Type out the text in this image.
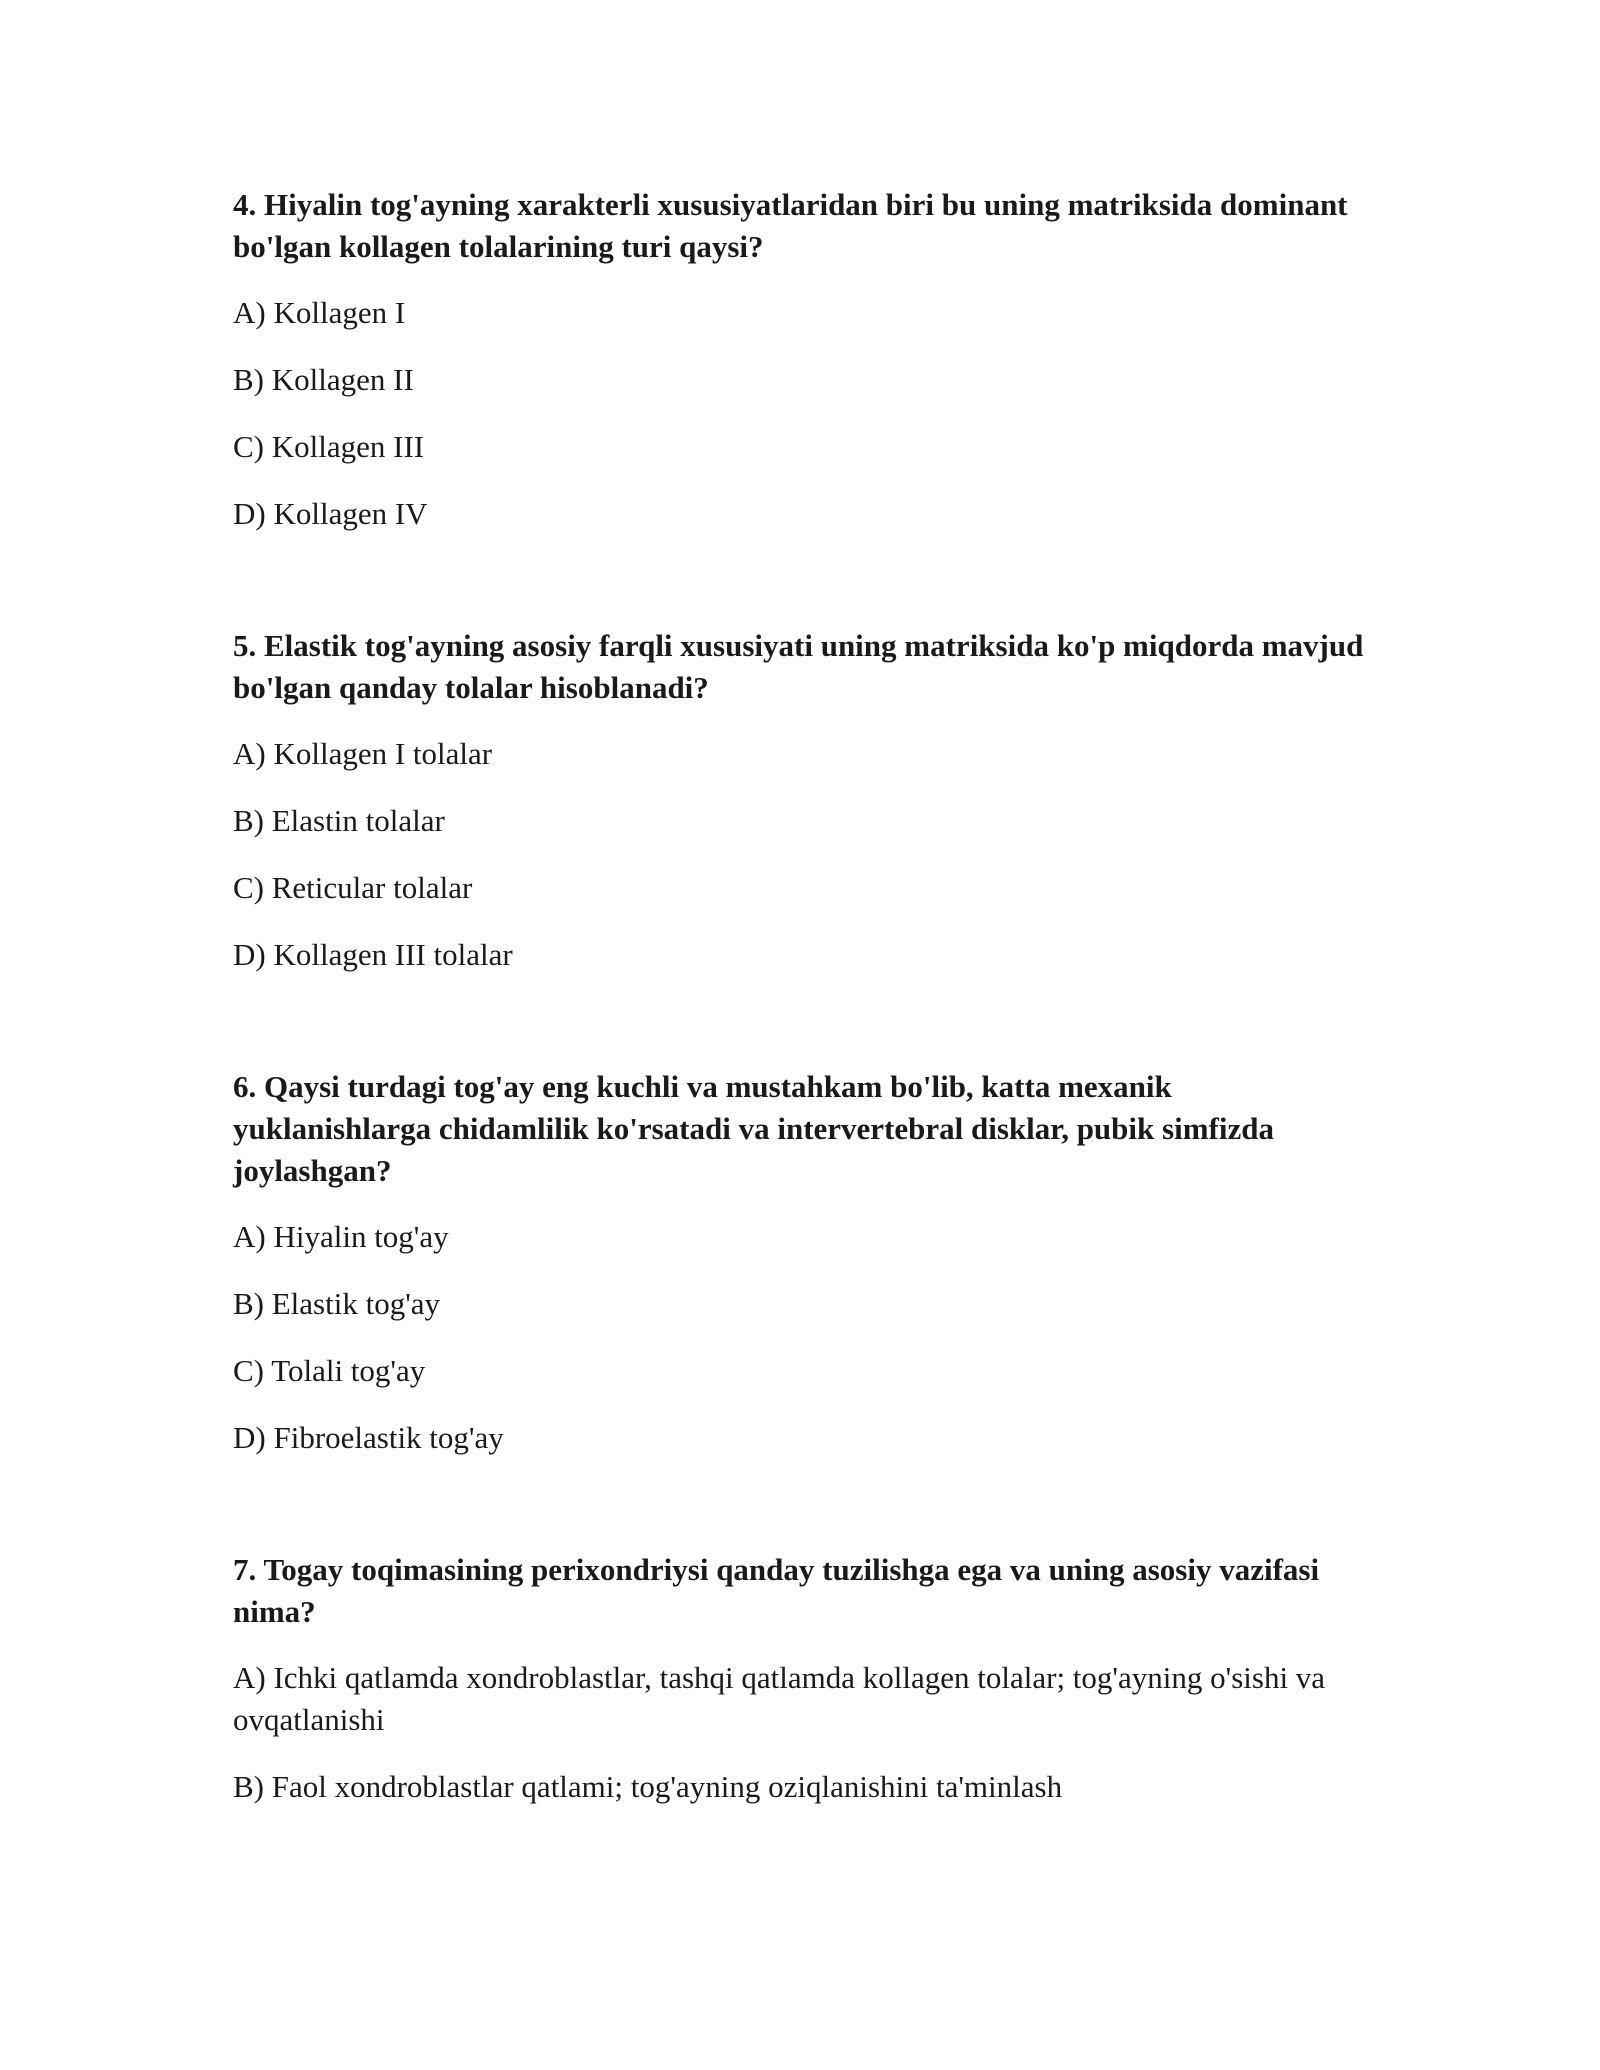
4. Hiyalin tog'ayning xarakterli xususiyatlaridan biri bu uning matriksida dominant bo'lgan kollagen tolalarining turi qaysi?

A) Kollagen I

B) Kollagen II

C) Kollagen III

D) Kollagen IV

5. Elastik tog'ayning asosiy farqli xususiyati uning matriksida ko'p miqdorda mavjud bo'lgan qanday tolalar hisoblanadi?

A) Kollagen I tolalar

B) Elastin tolalar

C) Reticular tolalar

D) Kollagen III tolalar

6. Qaysi turdagi tog'ay eng kuchli va mustahkam bo'lib, katta mexanik yuklanishlarga chidamlilik ko'rsatadi va intervertebral disklar, pubik simfizda joylashgan?

A) Hiyalin tog'ay

B) Elastik tog'ay

C) Tolali tog'ay

D) Fibroelastik tog'ay

7. Togay toqimasining perixondriysi qanday tuzilishga ega va uning asosiy vazifasi nima?

A) Ichki qatlamda xondroblastlar, tashqi qatlamda kollagen tolalar; tog'ayning o'sishi va ovqatlanishi

B) Faol xondroblastlar qatlami; tog'ayning oziqlanishini ta'minlash
